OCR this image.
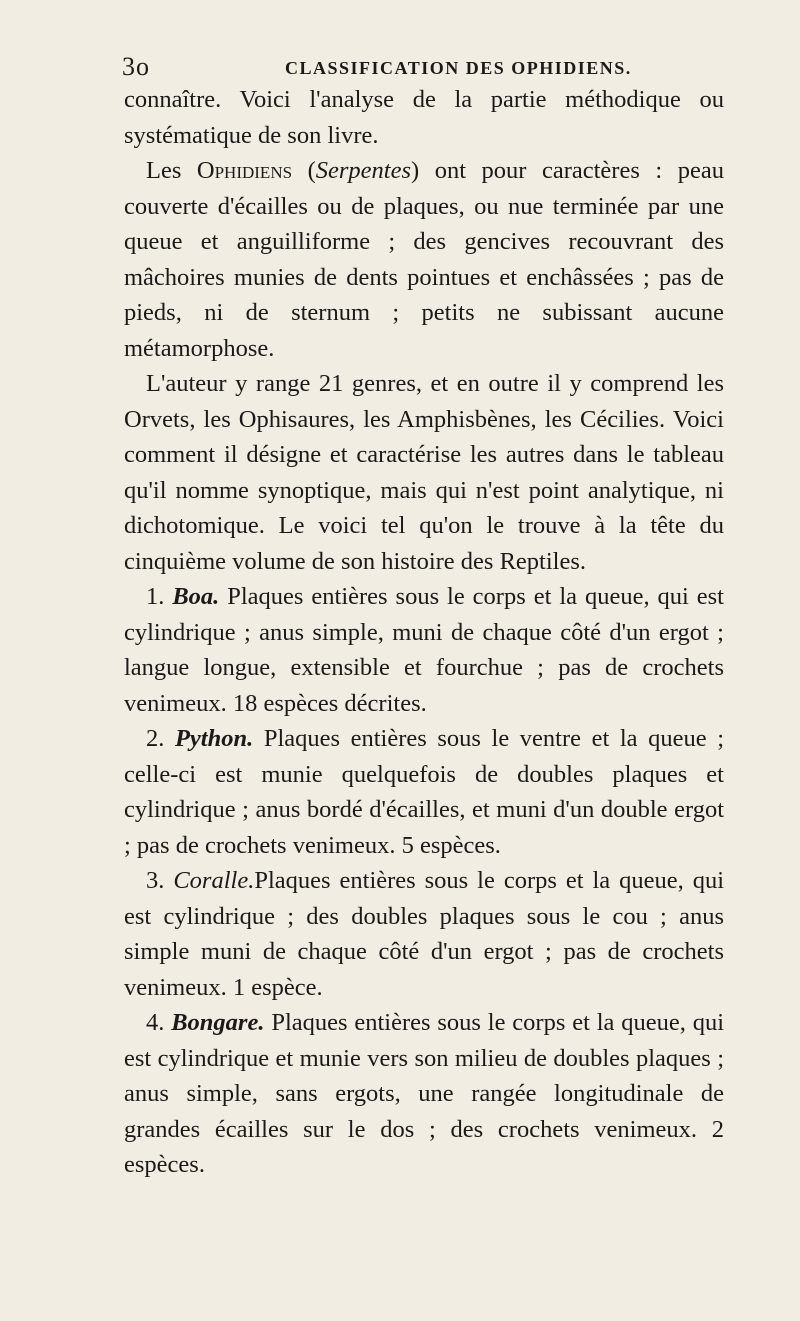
3o	CLASSIFICATION DES OPHIDIENS.

connaître. Voici l'analyse de la partie méthodique ou systématique de son livre.

Les Ophidiens (Serpentes) ont pour caractères : peau couverte d'écailles ou de plaques, ou nue terminée par une queue et anguilliforme ; des gencives recouvrant des mâchoires munies de dents pointues et enchâssées ; pas de pieds, ni de sternum ; petits ne subissant aucune métamorphose.

L'auteur y range 21 genres, et en outre il y comprend les Orvets, les Ophisaures, les Amphisbènes, les Cécilies. Voici comment il désigne et caractérise les autres dans le tableau qu'il nomme synoptique, mais qui n'est point analytique, ni dichotomique. Le voici tel qu'on le trouve à la tête du cinquième volume de son histoire des Reptiles.

1. Boa. Plaques entières sous le corps et la queue, qui est cylindrique ; anus simple, muni de chaque côté d'un ergot ; langue longue, extensible et fourchue ; pas de crochets venimeux. 18 espèces décrites.

2. Python. Plaques entières sous le ventre et la queue ; celle-ci est munie quelquefois de doubles plaques et cylindrique ; anus bordé d'écailles, et muni d'un double ergot ; pas de crochets venimeux. 5 espèces.

3. Coralle.Plaques entières sous le corps et la queue, qui est cylindrique ; des doubles plaques sous le cou ; anus simple muni de chaque côté d'un ergot ; pas de crochets venimeux. 1 espèce.

4. Bongare. Plaques entières sous le corps et la queue, qui est cylindrique et munie vers son milieu de doubles plaques ; anus simple, sans ergots, une rangée longitudinale de grandes écailles sur le dos ; des crochets venimeux. 2 espèces.
